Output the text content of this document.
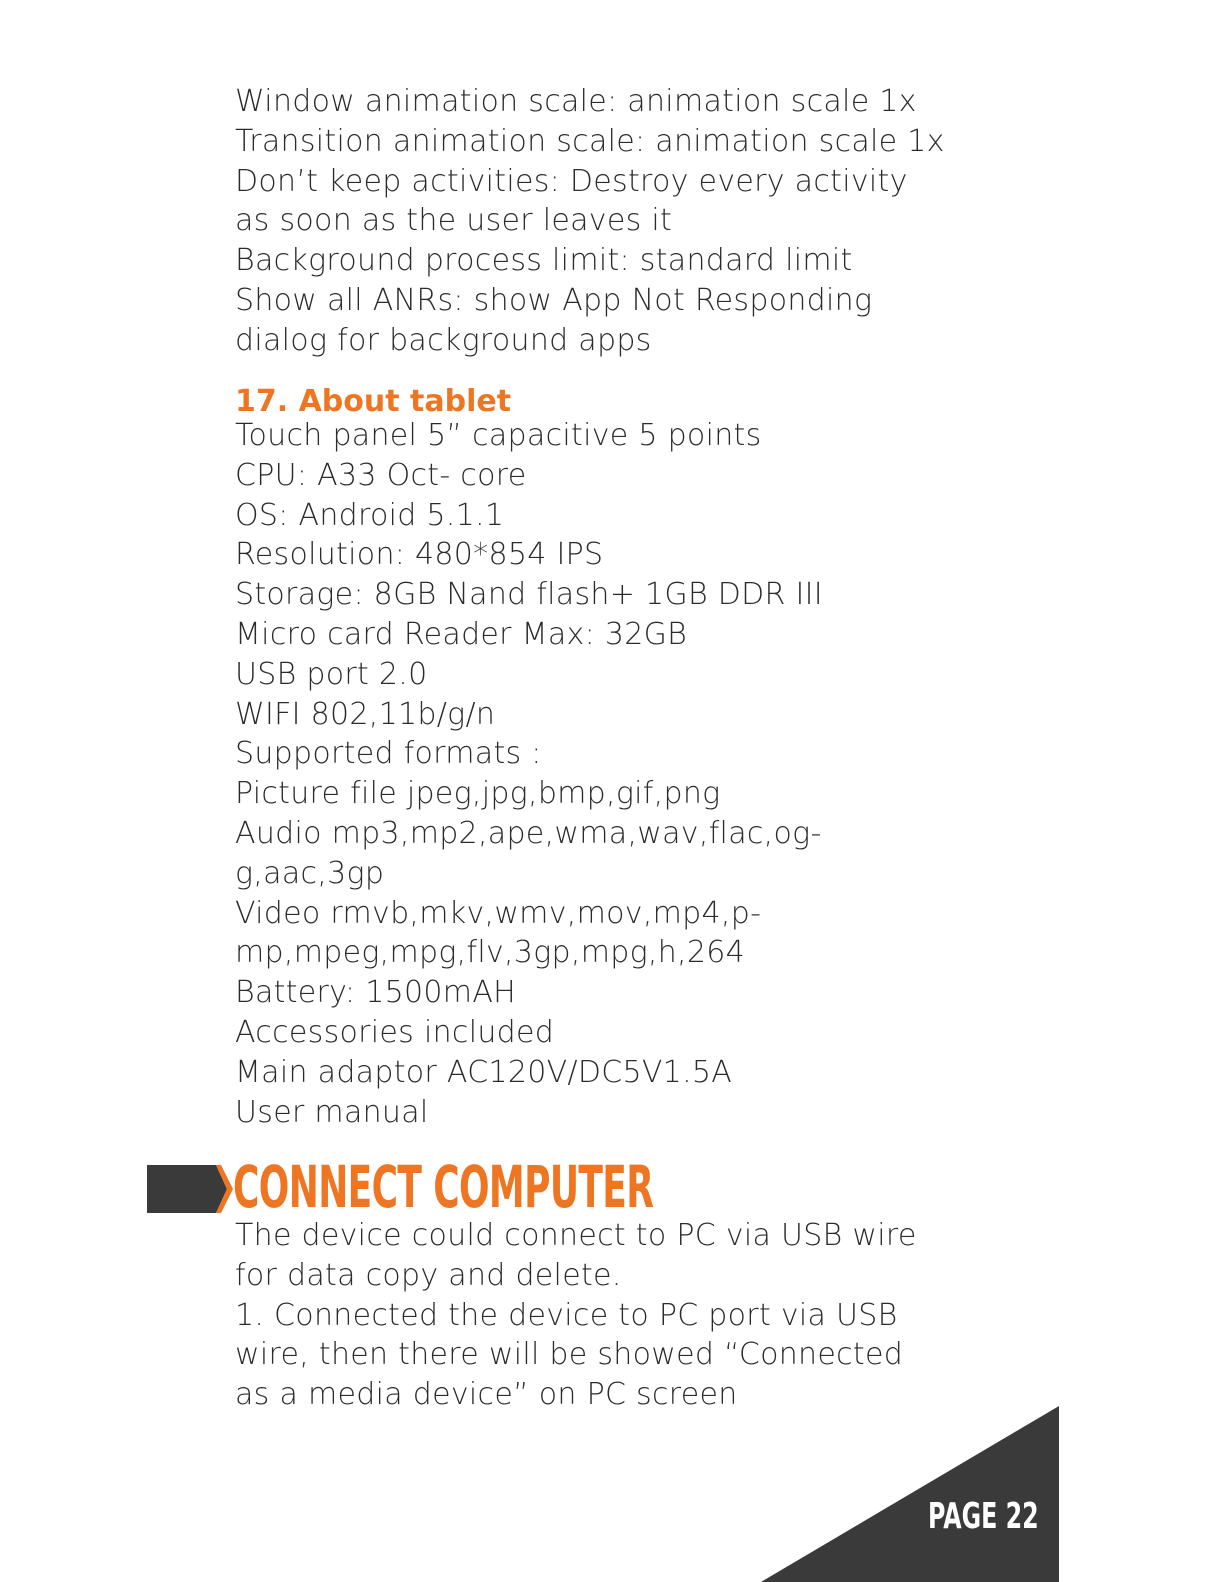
Window animation scale: animation scale 1x
Transition animation scale: animation scale 1x
Don’t keep activities: Destroy every activity
as soon as the user leaves it
Background process limit: standard limit
Show all ANRs: show App Not Responding
dialog for background apps
17. About tablet
Touch panel 5” capacitive 5 points
CPU: A33 Oct- core
OS: Android 5.1.1
Resolution: 480*854 IPS
Storage: 8GB Nand flash+ 1GB DDR III
Micro card Reader Max: 32GB
USB port 2.0
WIFI 802,11b/g/n
Supported formats :
Picture file jpeg,jpg,bmp,gif,png
Audio mp3,mp2,ape,wma,wav,flac,og-
g,aac,3gp
Video rmvb,mkv,wmv,mov,mp4,p-
mp,mpeg,mpg,flv,3gp,mpg,h,264
Battery: 1500mAH
Accessories included
Main adaptor AC120V/DC5V1.5A
User manual
CONNECT COMPUTER
The device could connect to PC via USB wire
for data copy and delete.
1. Connected the device to PC port via USB
wire, then there will be showed “Connected
as a media device” on PC screen
PAGE 22
